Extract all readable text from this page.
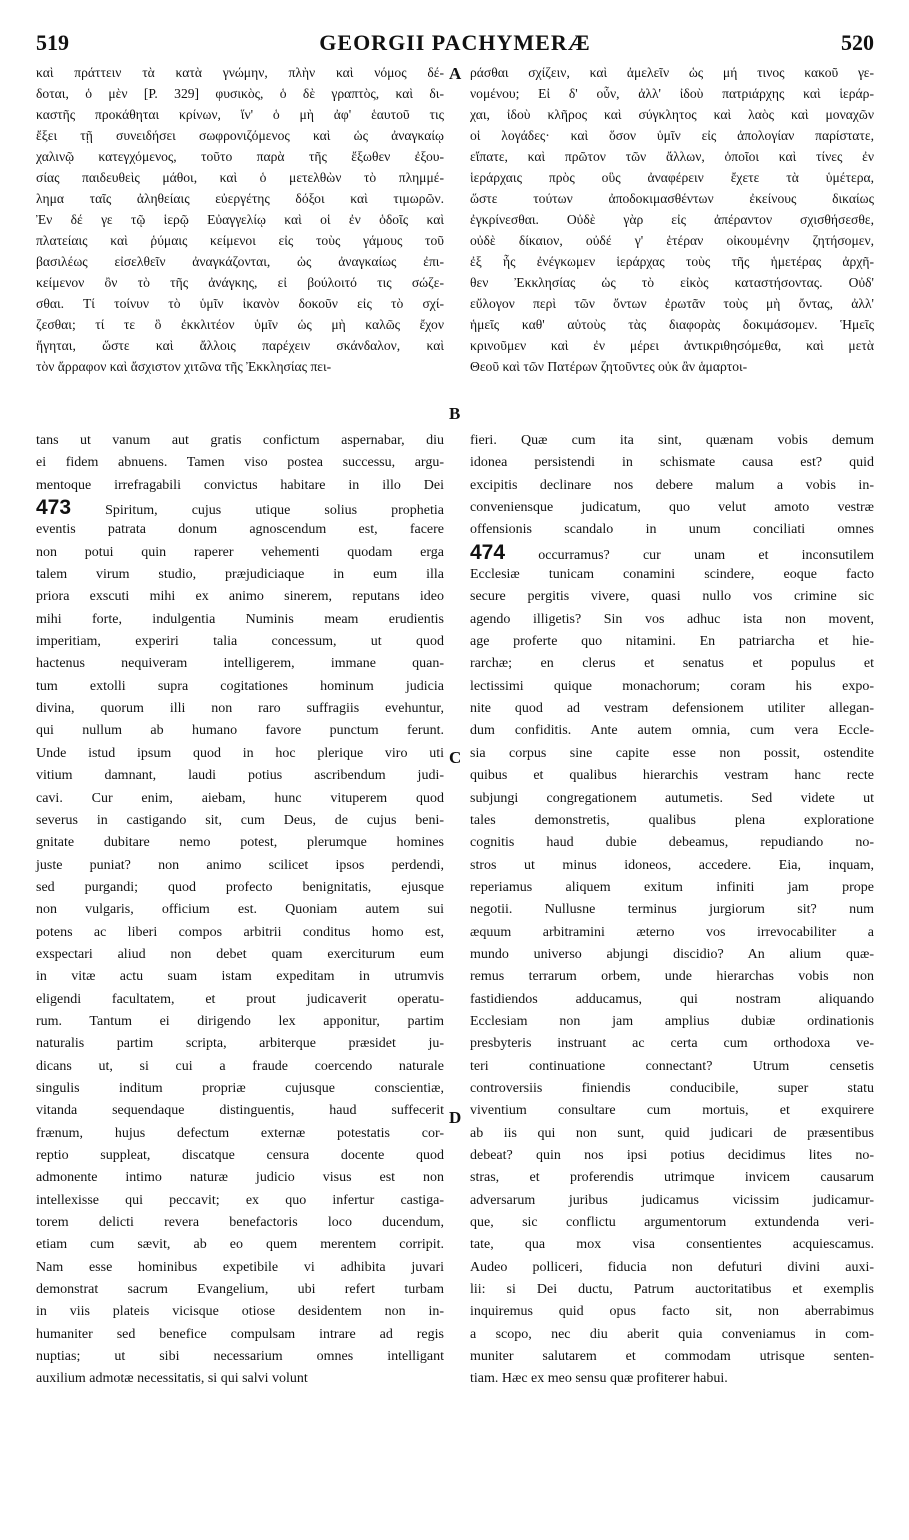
519	GEORGII PACHYMERÆ	520
καὶ πράττειν τὰ κατὰ γνώμην, πλὴν καὶ νόμος δέ-
δοται, ὁ μὲν [P. 329] φυσικὸς, ὁ δὲ γραπτὸς, καὶ δι-
καστῆς προκάθηται κρίνων, ἵν' ὁ μὴ ἀφ' ἑαυτοῦ τις
ἔξει τῇ συνειδήσει σωφρονιζόμενος καὶ ὡς ἀναγκαίῳ
χαλινῷ κατεγχόμενος, τοῦτο παρὰ τῆς ἔξωθεν ἐξου-
σίας παιδευθεὶς μάθοι, καὶ ὁ μετελθὼν τὸ πλημμέ-
λημα ταῖς ἀληθείαις εὐεργέτης δόξοι καὶ τιμωρῶν.
Ἐν δέ γε τῷ ἱερῷ Εὐαγγελίῳ καὶ οἱ ἐν ὁδοῖς καὶ
πλατείαις καὶ ῥύμαις κείμενοι εἰς τοὺς γάμους τοῦ
βασιλέως εἰσελθεῖν ἀναγκάζονται, ὡς ἀναγκαίως ἐπι-
κείμενον ὂν τὸ τῆς ἀνάγκης, εἰ βούλοιτό τις σώζε-
σθαι. Τί τοίνυν τὸ ὑμῖν ἱκανὸν δοκοῦν εἰς τὸ σχί-
ζεσθαι; τί τε ὃ ἐκκλιτέον ὑμῖν ὡς μὴ καλῶς ἔχον
ἥγηται, ὥστε καὶ ἄλλοις παρέχειν σκάνδαλον, καὶ
τὸν ἄρραφον καὶ ἄσχιστον χιτῶνα τῆς Ἐκκλησίας πει-
ράσθαι σχίζειν, καὶ ἀμελεῖν ὡς μή τινος κακοῦ γε-
νομένου; Εἰ δ' οὖν, ἀλλ' ἰδοὺ πατριάρχης καὶ ἱεράρ-
χαι, ἰδοὺ κλῆρος καὶ σύγκλητος καὶ λαὸς καὶ μοναχῶν
οἱ λογάδες· καὶ ὅσον ὑμῖν εἰς ἀπολογίαν παρίστατε,
εἴπατε, καὶ πρῶτον τῶν ἄλλων, ὁποῖοι καὶ τίνες ἐν
ἱεράρχαις πρὸς οὓς ἀναφέρειν ἔχετε τὰ ὑμέτερα,
ὥστε τούτων ἀποδοκιμασθέντων ἐκείνους δικαίως
ἐγκρίνεσθαι. Οὐδὲ γὰρ εἰς ἀπέραντον σχισθήσεσθε,
οὐδὲ δίκαιον, οὐδέ γ' ἑτέραν οἰκουμένην ζητήσομεν,
ἐξ ἧς ἐνέγκωμεν ἱεράρχας τοὺς τῆς ἡμετέρας ἀρχῆ-
θεν Ἐκκλησίας ὡς τὸ εἰκὸς καταστήσοντας. Οὐδ'
εὔλογον περὶ τῶν ὄντων ἐρωτᾶν τοὺς μὴ ὄντας, ἀλλ'
ἡμεῖς καθ' αὑτοὺς τὰς διαφορὰς δοκιμάσομεν. Ἡμεῖς
κρινοῦμεν καὶ ἐν μέρει ἀντικριθησόμεθα, καὶ μετὰ
Θεοῦ καὶ τῶν Πατέρων ζητοῦντες οὐκ ἂν ἁμαρτοι-
tans ut vanum aut gratis confictum aspernabar, diu
ei fidem abnuens. Tamen viso postea successu, argu-
mentoque irrefragabili convictus habitare in illo Dei
473 Spiritum, cujus utique solius prophetia
eventis patrata donum agnoscendum est, facere
non potui quin raperer vehementi quodam erga
talem virum studio, præjudiciaque in eum illa
priora exscuti mihi ex animo sinerem, reputans ideo
mihi forte, indulgentia Numinis meam erudientis
imperitiam, experiri talia concessum, ut quod
hactenus nequiveram intelligerem, immane quan-
tum extolli supra cogitationes hominum judicia
divina, quorum illi non raro suffragiis evehuntur,
qui nullum ab humano favore punctum ferunt.
Unde istud ipsum quod in hoc plerique viro uti
vitium damnant, laudi potius ascribendum judi-
cavi. Cur enim, aiebam, hunc vituperem quod
severus in castigando sit, cum Deus, de cujus beni-
gnitate dubitare nemo potest, plerumque homines
juste puniat? non animo scilicet ipsos perdendi,
sed purgandi; quod profecto benignitatis, ejusque
non vulgaris, officium est. Quoniam autem sui
potens ac liberi compos arbitrii conditus homo est,
exspectari aliud non debet quam exerciturum eum
in vitæ actu suam istam expeditam in utrumvis
eligendi facultatem, et prout judicaverit operatu-
rum. Tantum ei dirigendo lex apponitur, partim
naturalis partim scripta, arbiterque præsidet ju-
dicans ut, si cui a fraude coercendo naturale
singulis inditum propriæ cujusque conscientiæ,
vitanda sequendaque distinguentis, haud suffecerit
frænum, hujus defectum externæ potestatis cor-
reptio suppleat, discatque censura docente quod
admonente intimo naturæ judicio visus est non
intellexisse qui peccavit; ex quo infertur castiga-
torem delicti revera benefactoris loco ducendum,
etiam cum sævit, ab eo quem merentem corripit.
Nam esse hominibus expetibile vi adhibita juvari
demonstrat sacrum Evangelium, ubi refert turbam
in viis plateis vicisque otiose desidentem non in-
humaniter sed benefice compulsam intrare ad regis
nuptias; ut sibi necessarium omnes intelligant
auxilium admotæ necessitatis, si qui salvi volunt
fieri. Quæ cum ita sint, quænam vobis demum
idonea persistendi in schismate causa est? quid
excipitis declinare nos debere malum a vobis in-
conveniensque judicatum, quo velut amoto vestræ
offensionis scandalo in unum conciliati omnes
474 occurramus? cur unam et inconsutilem
Ecclesiæ tunicam conamini scindere, eoque facto
secure pergitis vivere, quasi nullo vos crimine sic
agendo illigetis? Sin vos adhuc ista non movent,
age proferte quo nitamini. En patriarcha et hie-
rarchæ; en clerus et senatus et populus et
lectissimi quique monachorum; coram his expo-
nite quod ad vestram defensionem utiliter allegan-
dum confiditis. Ante autem omnia, cum vera Eccle-
sia corpus sine capite esse non possit, ostendite
quibus et qualibus hierarchis vestram hanc recte
subjungi congregationem autumetis. Sed videte ut
tales demonstretis, qualibus plena exploratione
cognitis haud dubie debeamus, repudiando no-
stros ut minus idoneos, accedere. Eia, inquam,
reperiamus aliquem exitum infiniti jam prope
negotii. Nullusne terminus jurgiorum sit? num
æquum arbitramini æterno vos irrevocabiliter a
mundo universo abjungi discidio? An alium quæ-
remus terrarum orbem, unde hierarchas vobis non
fastidiendos adducamus, qui nostram aliquando
Ecclesiam non jam amplius dubiæ ordinationis
presbyteris instruant ac certa cum orthodoxa ve-
teri continuatione connectant? Utrum censetis
controversiis finiendis conducibile, super statu
viventium consultare cum mortuis, et exquirere
ab iis qui non sunt, quid judicari de præsentibus
debeat? quin nos ipsi potius decidimus lites no-
stras, et proferendis utrimque invicem causarum
adversarum juribus judicamus vicissim judicamur-
que, sic conflictu argumentorum extundenda veri-
tate, qua mox visa consentientes acquiescamus.
Audeo polliceri, fiducia non defuturi divini auxi-
lii: si Dei ductu, Patrum auctoritatibus et exemplis
inquiremus quid opus facto sit, non aberrabimus
a scopo, nec diu aberit quia conveniamus in com-
muniter salutarem et commodam utrisque senten-
tiam. Hæc ex meo sensu quæ profiterer habui.
A
B
C
D
